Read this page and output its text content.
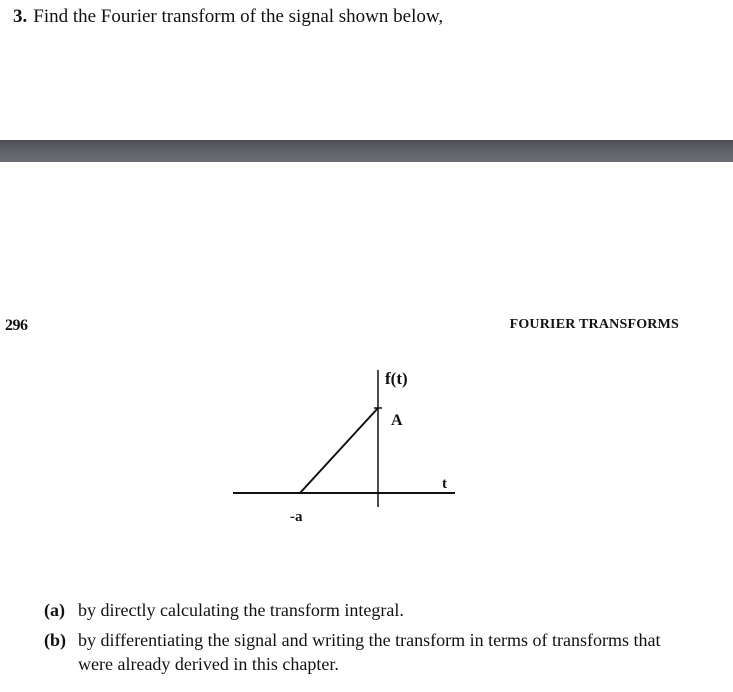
3. Find the Fourier transform of the signal shown below,
296	FOURIER TRANSFORMS
f(t)
A
t
-a
(a) by directly calculating the transform integral.
(b) by differentiating the signal and writing the transform in terms of transforms that were already derived in this chapter.
